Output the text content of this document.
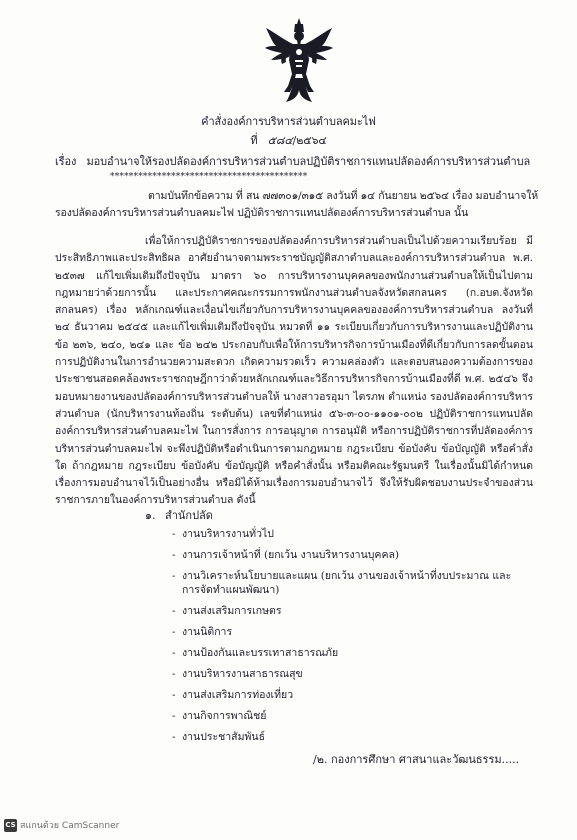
คำสั่งองค์การบริหารส่วนตำบลคมะไฟ
ที่ ๕๘๔/๒๕๖๔
เรื่อง มอบอำนาจให้รองปลัดองค์การบริหารส่วนตำบลปฏิบัติราชการแทนปลัดองค์การบริหารส่วนตำบล
******************************************
ตามบันทึกข้อความ ที่ สน ๗๗๓๐๑/๓๑๕ ลงวันที่ ๑๔ กันยายน ๒๕๖๔ เรื่อง มอบอำนาจให้
รองปลัดองค์การบริหารส่วนตำบลคมะไฟ ปฏิบัติราชการแทนปลัดองค์การบริหารส่วนตำบล นั้น
เพื่อให้การปฏิบัติราชการของปลัดองค์การบริหารส่วนตำบลเป็นไปด้วยความเรียบร้อย มีประสิทธิภาพและประสิทธิผล อาศัยอำนาจตามพระราชบัญญัติสภาตำบลและองค์การบริหารส่วนตำบล พ.ศ. ๒๕๓๗ แก้ไขเพิ่มเติมถึงปัจจุบัน มาตรา ๖๐ การบริหารงานบุคคลของพนักงานส่วนตำบลให้เป็นไปตามกฎหมายว่าด้วยการนั้น และประกาศคณะกรรมการพนักงานส่วนตำบลจังหวัดสกลนคร (ก.อบต.จังหวัดสกลนคร) เรื่อง หลักเกณฑ์และเงื่อนไขเกี่ยวกับการบริหารงานบุคคลขององค์การบริหารส่วนตำบล ลงวันที่ ๒๔ ธันวาคม ๒๕๔๕ และแก้ไขเพิ่มเติมถึงปัจจุบัน หมวดที่ ๑๑ ระเบียบเกี่ยวกับการบริหารงานและปฏิบัติงาน ข้อ ๒๓๖, ๒๔๐, ๒๔๑ และ ข้อ ๒๔๒ ประกอบกับเพื่อให้การบริหารกิจการบ้านเมืองที่ดีเกี่ยวกับการลดขั้นตอนการปฏิบัติงานในการอำนวยความสะดวก เกิดความรวดเร็ว ความคล่องตัว และตอบสนองความต้องการของประชาชนสอดคล้องพระราชกฤษฎีกาว่าด้วยหลักเกณฑ์และวิธีการบริหารกิจการบ้านเมืองที่ดี พ.ศ. ๒๕๔๖ จึงมอบหมายงานของปลัดองค์การบริหารส่วนตำบลให้ นางสาวอรอุมา ไตรภพ ตำแหน่ง รองปลัดองค์การบริหารส่วนตำบล (นักบริหารงานท้องถิ่น ระดับต้น) เลขที่ตำแหน่ง ๕๖-๓-๐๐-๑๑๐๑-๐๐๒ ปฏิบัติราชการแทนปลัดองค์การบริหารส่วนตำบลคมะไฟ ในการสั่งการ การอนุญาต การอนุมัติ หรือการปฏิบัติราชการที่ปลัดองค์การบริหารส่วนตำบลคมะไฟ จะพึงปฏิบัติหรือดำเนินการตามกฎหมาย กฎระเบียบ ข้อบังคับ ข้อบัญญัติ หรือคำสั่งใด ถ้ากฎหมาย กฎระเบียบ ข้อบังคับ ข้อบัญญัติ หรือคำสั่งนั้น หรือมติคณะรัฐมนตรี ในเรื่องนั้นมิได้กำหนดเรื่องการมอบอำนาจไว้เป็นอย่างอื่น หรือมิได้ห้ามเรื่องการมอบอำนาจไว้ จึงให้รับผิดชอบงานประจำของส่วนราชการภายในองค์การบริหารส่วนตำบล ดังนี้
๑. สำนักปลัด
- งานบริหารงานทั่วไป
- งานการเจ้าหน้าที่ (ยกเว้น งานบริหารงานบุคคล)
- งานวิเคราะห์นโยบายและแผน (ยกเว้น งานของเจ้าหน้าที่งบประมาณ และการจัดทำแผนพัฒนา)
- งานส่งเสริมการเกษตร
- งานนิติการ
- งานป้องกันและบรรเทาสาธารณภัย
- งานบริหารงานสาธารณสุข
- งานส่งเสริมการท่องเที่ยว
- งานกิจการพาณิชย์
- งานประชาสัมพันธ์
/๒. กองการศึกษา ศาสนาและวัฒนธรรม.....
CS สแกนด้วย CamScanner
